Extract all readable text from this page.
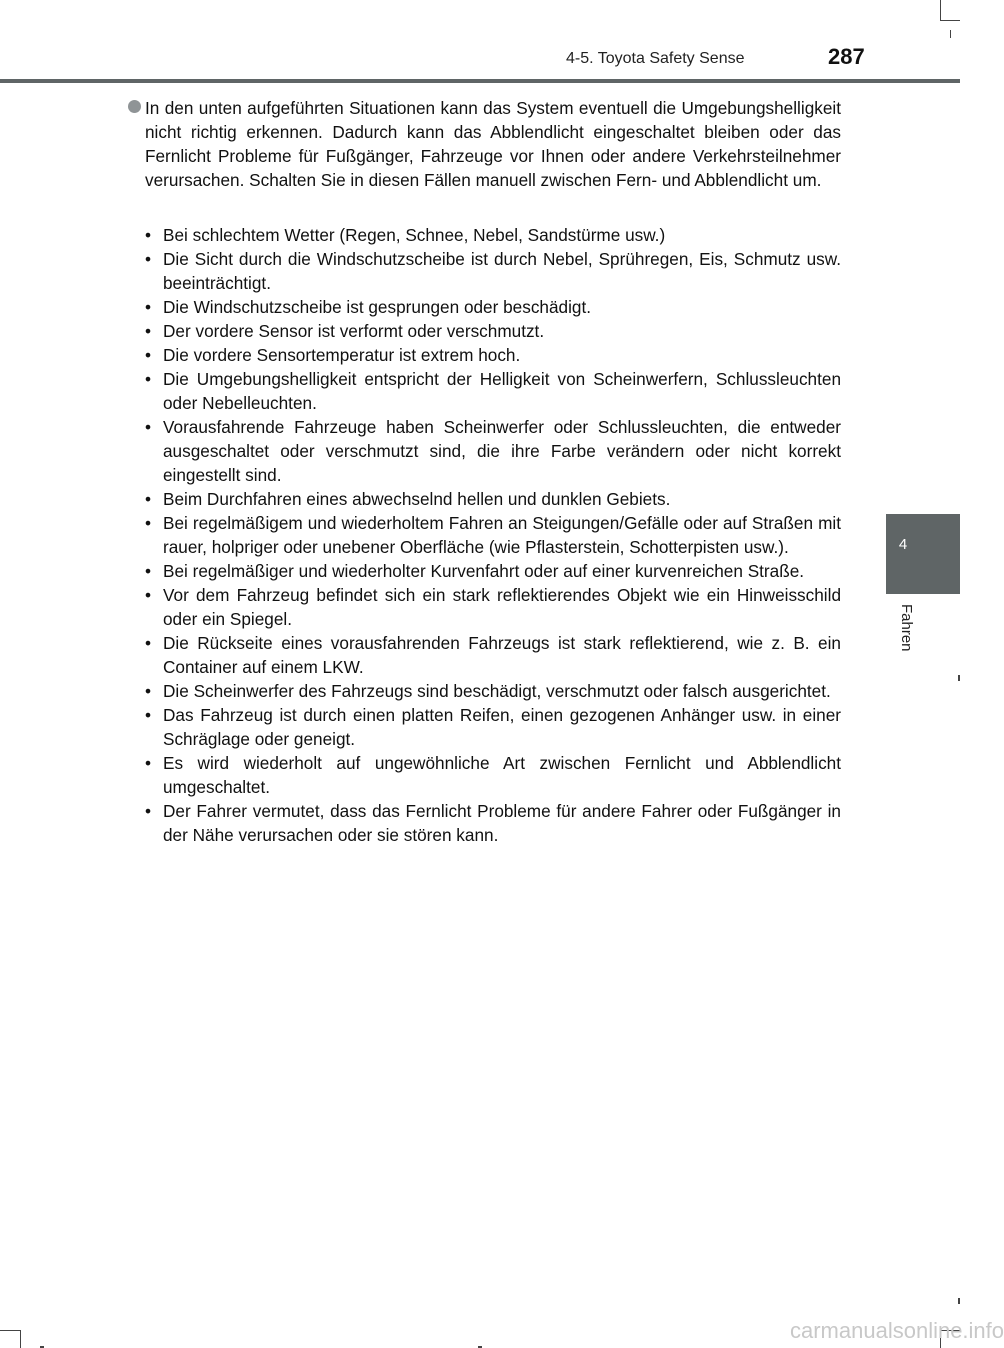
4-5. Toyota Safety Sense	287
4
Fahren

In den unten aufgeführten Situationen kann das System eventuell die Umgebungshelligkeit nicht richtig erkennen. Dadurch kann das Abblendlicht eingeschaltet bleiben oder das Fernlicht Probleme für Fußgänger, Fahrzeuge vor Ihnen oder andere Verkehrsteilnehmer verursachen. Schalten Sie in diesen Fällen manuell zwischen Fern- und Abblendlicht um.

• Bei schlechtem Wetter (Regen, Schnee, Nebel, Sandstürme usw.)
• Die Sicht durch die Windschutzscheibe ist durch Nebel, Sprühregen, Eis, Schmutz usw. beeinträchtigt.
• Die Windschutzscheibe ist gesprungen oder beschädigt.
• Der vordere Sensor ist verformt oder verschmutzt.
• Die vordere Sensortemperatur ist extrem hoch.
• Die Umgebungshelligkeit entspricht der Helligkeit von Scheinwerfern, Schlussleuchten oder Nebelleuchten.
• Vorausfahrende Fahrzeuge haben Scheinwerfer oder Schlussleuchten, die entweder ausgeschaltet oder verschmutzt sind, die ihre Farbe verändern oder nicht korrekt eingestellt sind.
• Beim Durchfahren eines abwechselnd hellen und dunklen Gebiets.
• Bei regelmäßigem und wiederholtem Fahren an Steigungen/Gefälle oder auf Straßen mit rauer, holpriger oder unebener Oberfläche (wie Pflasterstein, Schotterpisten usw.).
• Bei regelmäßiger und wiederholter Kurvenfahrt oder auf einer kurvenreichen Straße.
• Vor dem Fahrzeug befindet sich ein stark reflektierendes Objekt wie ein Hinweisschild oder ein Spiegel.
• Die Rückseite eines vorausfahrenden Fahrzeugs ist stark reflektierend, wie z. B. ein Container auf einem LKW.
• Die Scheinwerfer des Fahrzeugs sind beschädigt, verschmutzt oder falsch ausgerichtet.
• Das Fahrzeug ist durch einen platten Reifen, einen gezogenen Anhänger usw. in einer Schräglage oder geneigt.
• Es wird wiederholt auf ungewöhnliche Art zwischen Fernlicht und Abblendlicht umgeschaltet.
• Der Fahrer vermutet, dass das Fernlicht Probleme für andere Fahrer oder Fußgänger in der Nähe verursachen oder sie stören kann.
carmanualsonline.info
